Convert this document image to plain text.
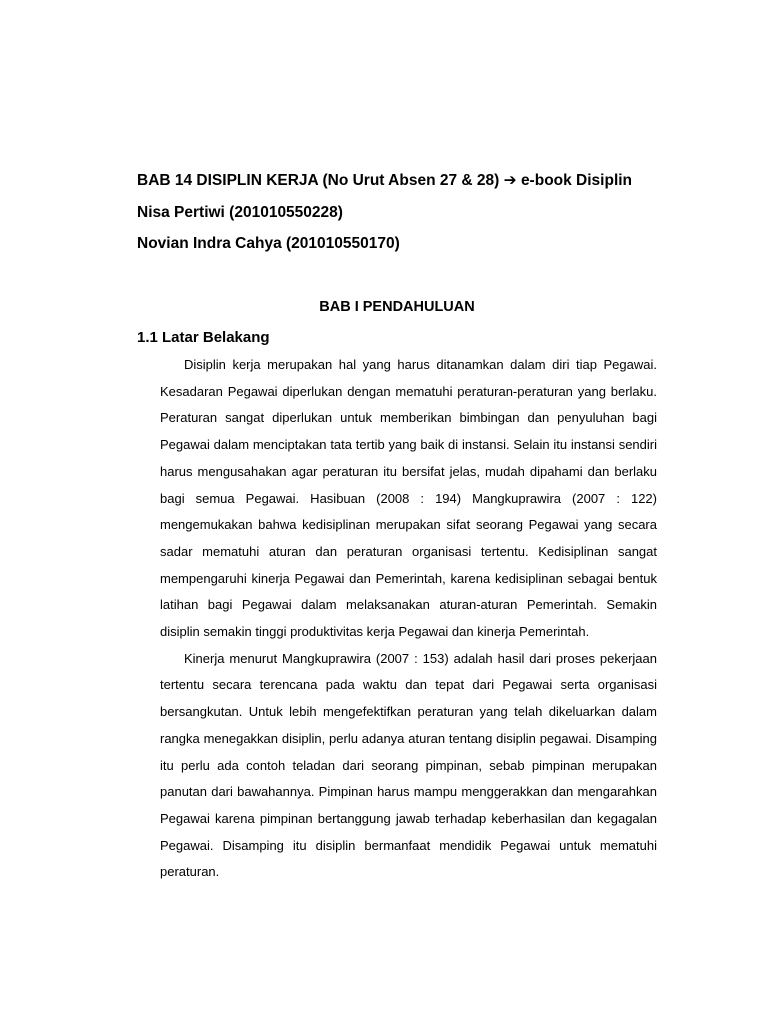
BAB 14 DISIPLIN KERJA (No Urut Absen 27 & 28) ➔ e-book Disiplin
Nisa Pertiwi (201010550228)
Novian Indra Cahya (201010550170)
BAB I PENDAHULUAN
1.1 Latar Belakang

Disiplin kerja merupakan hal yang harus ditanamkan dalam diri tiap Pegawai. Kesadaran Pegawai diperlukan dengan mematuhi peraturan-peraturan yang berlaku. Peraturan sangat diperlukan untuk memberikan bimbingan dan penyuluhan bagi Pegawai dalam menciptakan tata tertib yang baik di instansi. Selain itu instansi sendiri harus mengusahakan agar peraturan itu bersifat jelas, mudah dipahami dan berlaku bagi semua Pegawai. Hasibuan (2008 : 194) Mangkuprawira (2007 : 122) mengemukakan bahwa kedisiplinan merupakan sifat seorang Pegawai yang secara sadar mematuhi aturan dan peraturan organisasi tertentu. Kedisiplinan sangat mempengaruhi kinerja Pegawai dan Pemerintah, karena kedisiplinan sebagai bentuk latihan bagi Pegawai dalam melaksanakan aturan-aturan Pemerintah. Semakin disiplin semakin tinggi produktivitas kerja Pegawai dan kinerja Pemerintah.

Kinerja menurut Mangkuprawira (2007 : 153) adalah hasil dari proses pekerjaan tertentu secara terencana pada waktu dan tepat dari Pegawai serta organisasi bersangkutan. Untuk lebih mengefektifkan peraturan yang telah dikeluarkan dalam rangka menegakkan disiplin, perlu adanya aturan tentang disiplin pegawai. Disamping itu perlu ada contoh teladan dari seorang pimpinan, sebab pimpinan merupakan panutan dari bawahannya. Pimpinan harus mampu menggerakkan dan mengarahkan Pegawai karena pimpinan bertanggung jawab terhadap keberhasilan dan kegagalan Pegawai. Disamping itu disiplin bermanfaat mendidik Pegawai untuk mematuhi peraturan.
